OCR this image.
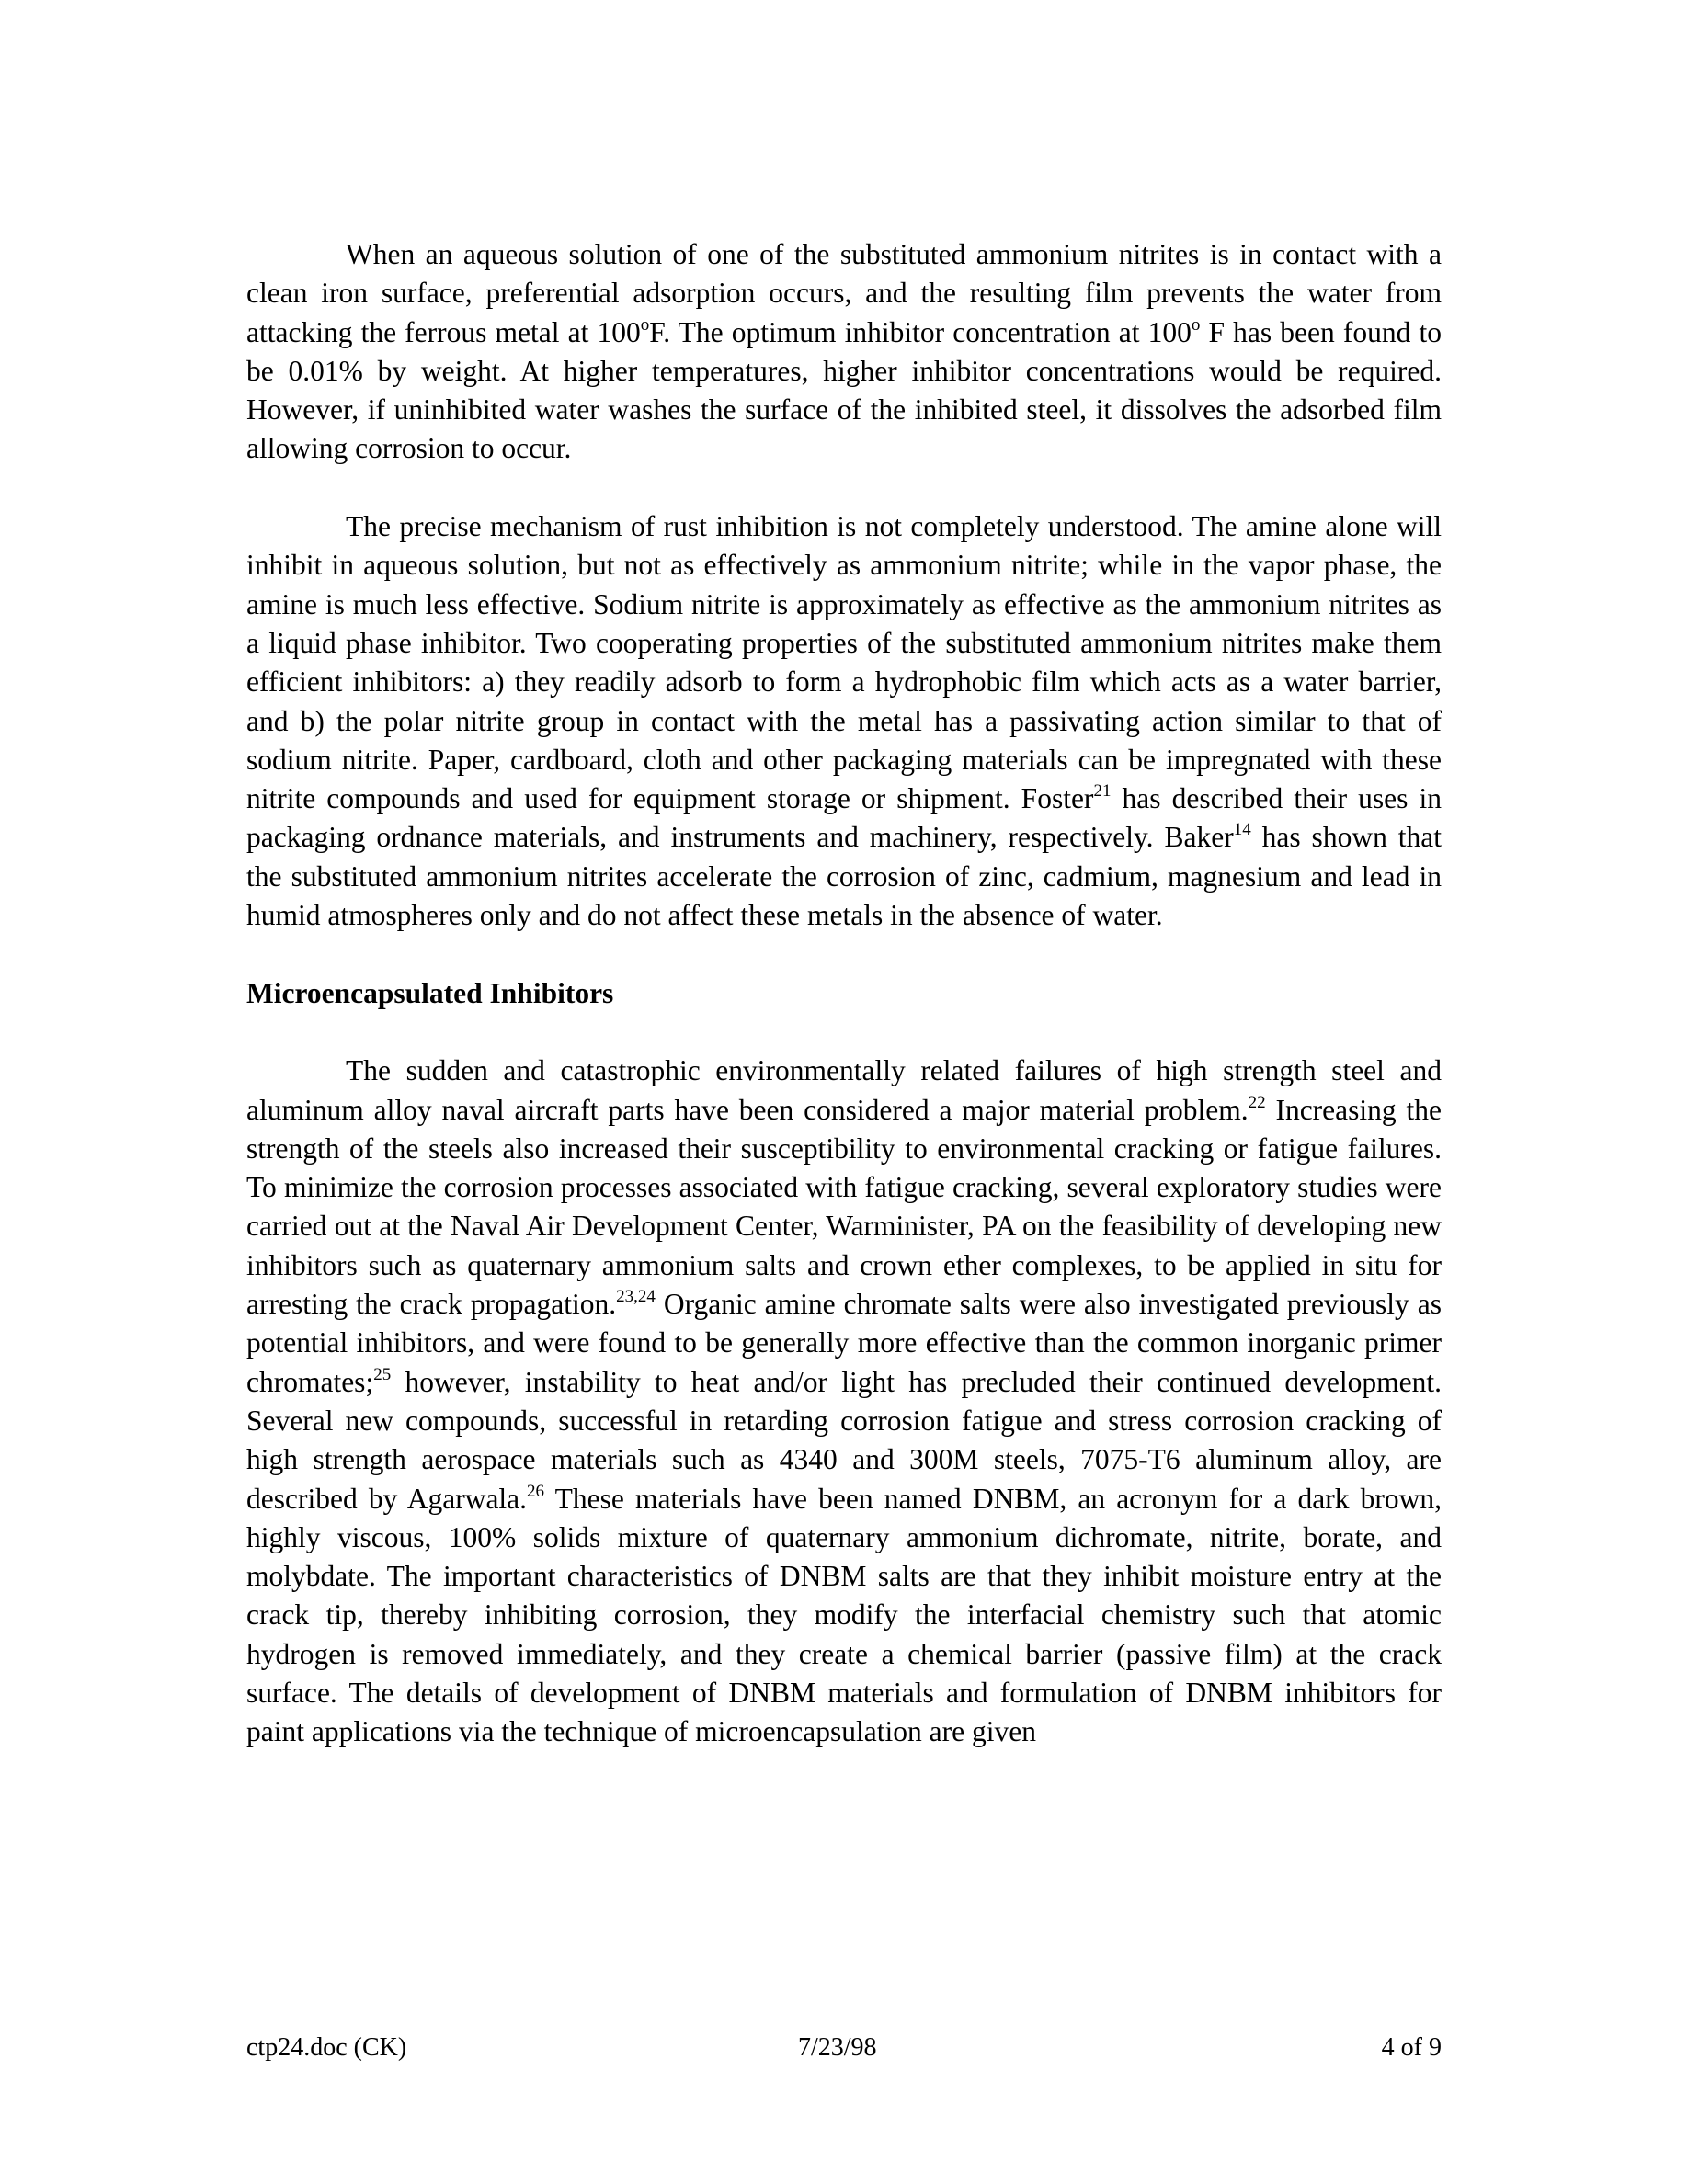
When an aqueous solution of one of the substituted ammonium nitrites is in contact with a clean iron surface, preferential adsorption occurs, and the resulting film prevents the water from attacking the ferrous metal at 100$^o$F. The optimum inhibitor concentration at 100$^o$ F has been found to be 0.01% by weight. At higher temperatures, higher inhibitor concentrations would be required. However, if uninhibited water washes the surface of the inhibited steel, it dissolves the adsorbed film allowing corrosion to occur.

The precise mechanism of rust inhibition is not completely understood. The amine alone will inhibit in aqueous solution, but not as effectively as ammonium nitrite; while in the vapor phase, the amine is much less effective. Sodium nitrite is approximately as effective as the ammonium nitrites as a liquid phase inhibitor. Two cooperating properties of the substituted ammonium nitrites make them efficient inhibitors: a) they readily adsorb to form a hydrophobic film which acts as a water barrier, and b) the polar nitrite group in contact with the metal has a passivating action similar to that of sodium nitrite. Paper, cardboard, cloth and other packaging materials can be impregnated with these nitrite compounds and used for equipment storage or shipment. Foster$^{21}$ has described their uses in packaging ordnance materials, and instruments and machinery, respectively. Baker$^{14}$ has shown that the substituted ammonium nitrites accelerate the corrosion of zinc, cadmium, magnesium and lead in humid atmospheres only and do not affect these metals in the absence of water.

Microencapsulated Inhibitors

The sudden and catastrophic environmentally related failures of high strength steel and aluminum alloy naval aircraft parts have been considered a major material problem.$^{22}$ Increasing the strength of the steels also increased their susceptibility to environmental cracking or fatigue failures. To minimize the corrosion processes associated with fatigue cracking, several exploratory studies were carried out at the Naval Air Development Center, Warminister, PA on the feasibility of developing new inhibitors such as quaternary ammonium salts and crown ether complexes, to be applied in situ for arresting the crack propagation.$^{23,24}$ Organic amine chromate salts were also investigated previously as potential inhibitors, and were found to be generally more effective than the common inorganic primer chromates;$^{25}$ however, instability to heat and/or light has precluded their continued development. Several new compounds, successful in retarding corrosion fatigue and stress corrosion cracking of high strength aerospace materials such as 4340 and 300M steels, 7075-T6 aluminum alloy, are described by Agarwala.$^{26}$ These materials have been named DNBM, an acronym for a dark brown, highly viscous, 100% solids mixture of quaternary ammonium dichromate, nitrite, borate, and molybdate. The important characteristics of DNBM salts are that they inhibit moisture entry at the crack tip, thereby inhibiting corrosion, they modify the interfacial chemistry such that atomic hydrogen is removed immediately, and they create a chemical barrier (passive film) at the crack surface. The details of development of DNBM materials and formulation of DNBM inhibitors for paint applications via the technique of microencapsulation are given

ctp24.doc (CK)	7/23/98	4 of 9
